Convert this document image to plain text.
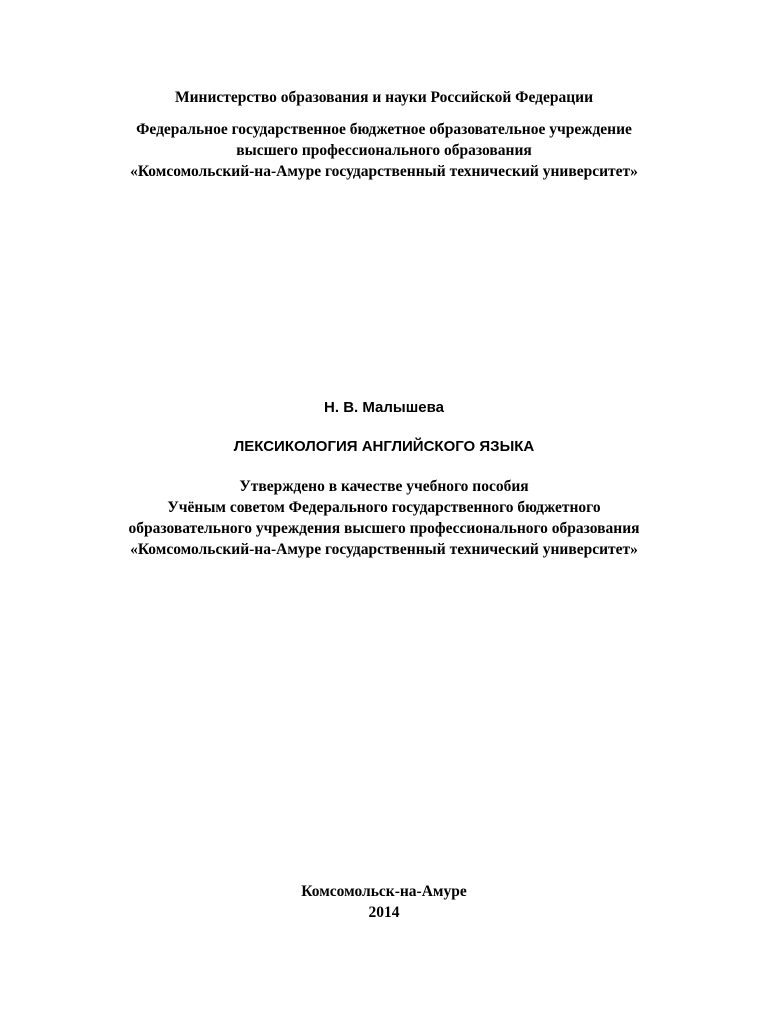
Министерство образования и науки Российской Федерации
Федеральное государственное бюджетное образовательное учреждение
высшего профессионального образования
«Комсомольский-на-Амуре государственный технический университет»
Н. В. Малышева
ЛЕКСИКОЛОГИЯ АНГЛИЙСКОГО ЯЗЫКА
Утверждено в качестве учебного пособия
Учёным советом Федерального государственного бюджетного
образовательного учреждения высшего профессионального образования
«Комсомольский-на-Амуре государственный технический университет»
Комсомольск-на-Амуре
2014
